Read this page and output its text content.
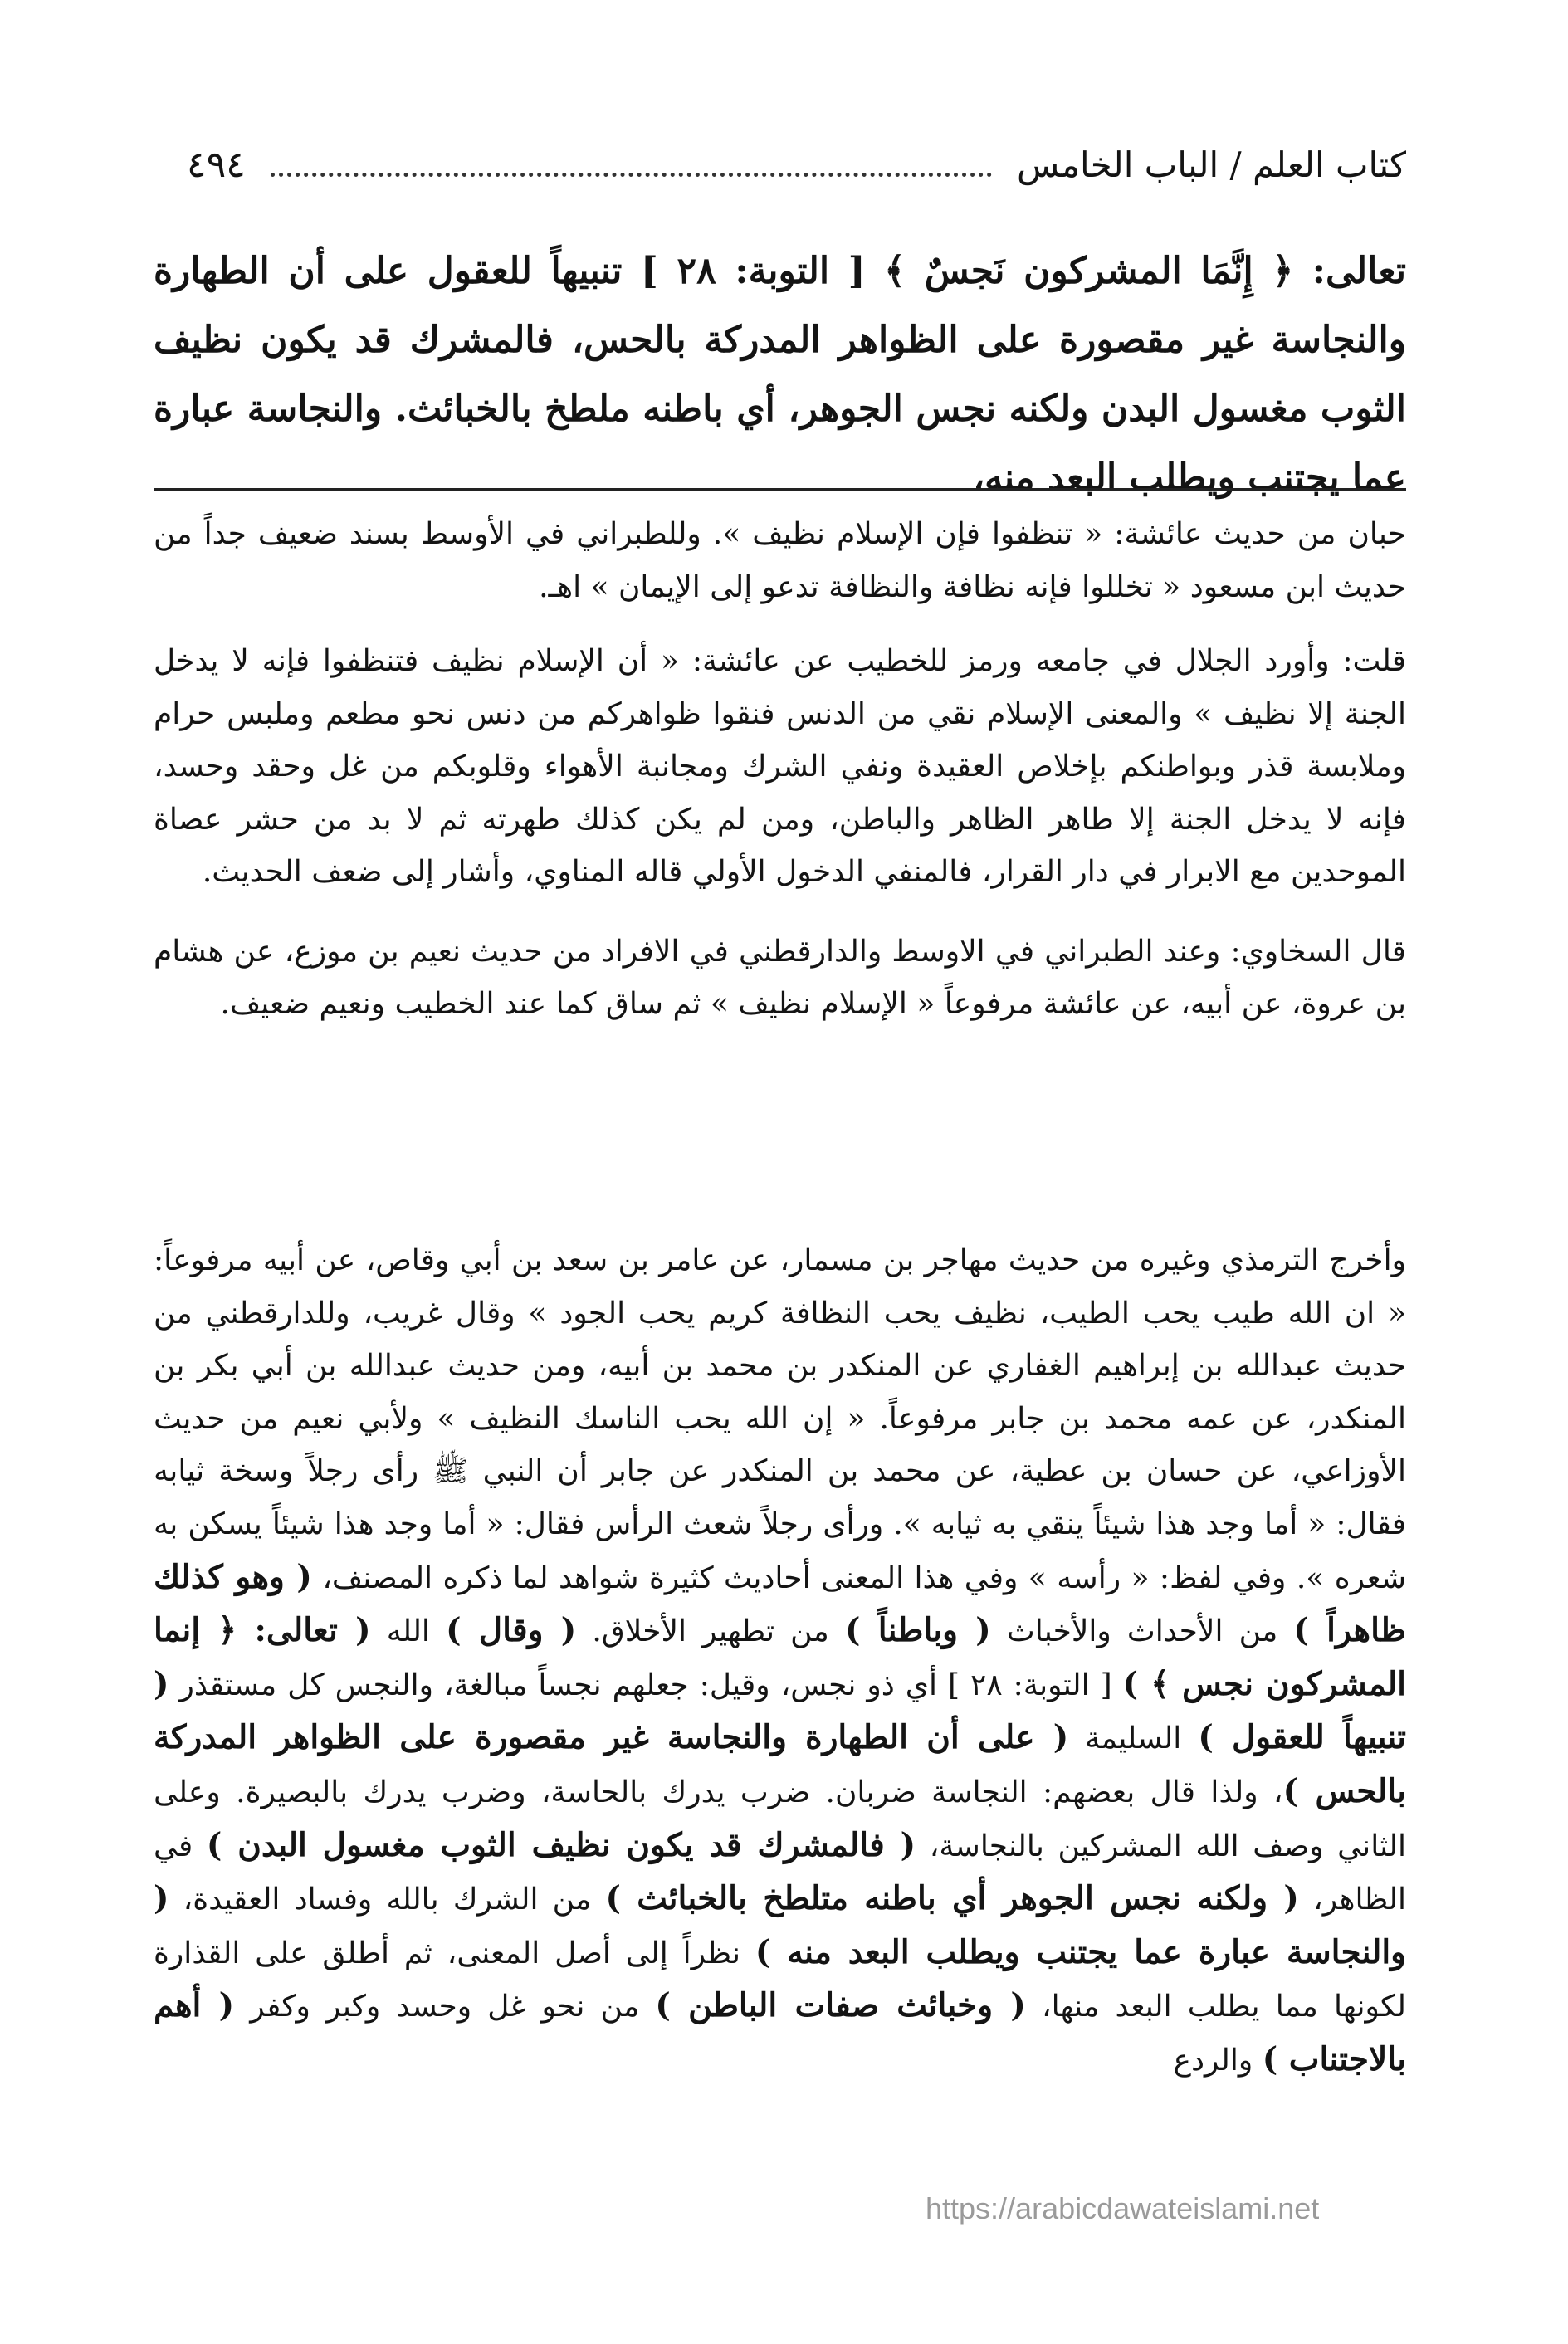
٤٩٤	كتاب العلم / الباب الخامس
تعالى: ﴿ إِنَّمَا المشركون نَجسٌ ﴾ [ التوبة: ٢٨ ] تنبيهاً للعقول على أن الطهارة والنجاسة غير مقصورة على الظواهر المدركة بالحس، فالمشرك قد يكون نظيف الثوب مغسول البدن ولكنه نجس الجوهر، أي باطنه ملطخ بالخبائث. والنجاسة عبارة عما يجتنب ويطلب البعد منه،

حبان من حديث عائشة: « تنظفوا فإن الإسلام نظيف ». وللطبراني في الأوسط بسند ضعيف جداً من حديث ابن مسعود « تخللوا فإنه نظافة والنظافة تدعو إلى الإيمان » اهـ.

قلت: وأورد الجلال في جامعه ورمز للخطيب عن عائشة: « أن الإسلام نظيف فتنظفوا فإنه لا يدخل الجنة إلا نظيف » والمعنى الإسلام نقي من الدنس فنقوا ظواهركم من دنس نحو مطعم وملبس حرام وملابسة قذر وبواطنكم بإخلاص العقيدة ونفي الشرك ومجانبة الأهواء وقلوبكم من غل وحقد وحسد، فإنه لا يدخل الجنة إلا طاهر الظاهر والباطن، ومن لم يكن كذلك طهرته ثم لا بد من حشر عصاة الموحدين مع الابرار في دار القرار، فالمنفي الدخول الأولي قاله المناوي، وأشار إلى ضعف الحديث.

قال السخاوي: وعند الطبراني في الاوسط والدارقطني في الافراد من حديث نعيم بن موزع، عن هشام بن عروة، عن أبيه، عن عائشة مرفوعاً « الإسلام نظيف » ثم ساق كما عند الخطيب ونعيم ضعيف.

وأخرج الترمذي وغيره من حديث مهاجر بن مسمار، عن عامر بن سعد بن أبي وقاص، عن أبيه مرفوعاً: « ان الله طيب يحب الطيب، نظيف يحب النظافة كريم يحب الجود » وقال غريب، وللدارقطني من حديث عبدالله بن إبراهيم الغفاري عن المنكدر بن محمد بن أبيه، ومن حديث عبدالله بن أبي بكر بن المنكدر، عن عمه محمد بن جابر مرفوعاً. « إن الله يحب الناسك النظيف » ولأبي نعيم من حديث الأوزاعي، عن حسان بن عطية، عن محمد بن المنكدر عن جابر أن النبي ﷺ رأى رجلاً وسخة ثيابه فقال: « أما وجد هذا شيئاً ينقي به ثيابه ». ورأى رجلاً شعث الرأس فقال: « أما وجد هذا شيئاً يسكن به شعره ». وفي لفظ: « رأسه » وفي هذا المعنى أحاديث كثيرة شواهد لما ذكره المصنف، ( وهو كذلك ظاهراً ) من الأحداث والأخباث ( وباطناً ) من تطهير الأخلاق. ( وقال ) الله ( تعالى: ﴿ إنما المشركون نجس ﴾ ) [ التوبة: ٢٨ ] أي ذو نجس، وقيل: جعلهم نجساً مبالغة، والنجس كل مستقذر ( تنبيهاً للعقول ) السليمة ( على أن الطهارة والنجاسة غير مقصورة على الظواهر المدركة بالحس )، ولذا قال بعضهم: النجاسة ضربان. ضرب يدرك بالحاسة، وضرب يدرك بالبصيرة. وعلى الثاني وصف الله المشركين بالنجاسة، ( فالمشرك قد يكون نظيف الثوب مغسول البدن ) في الظاهر، ( ولكنه نجس الجوهر أي باطنه متلطخ بالخبائث ) من الشرك بالله وفساد العقيدة، ( والنجاسة عبارة عما يجتنب ويطلب البعد منه ) نظراً إلى أصل المعنى، ثم أطلق على القذارة لكونها مما يطلب البعد منها، ( وخبائث صفات الباطن ) من نحو غل وحسد وكبر وكفر ( أهم بالاجتناب ) والردع
https://arabicdawateislami.net
